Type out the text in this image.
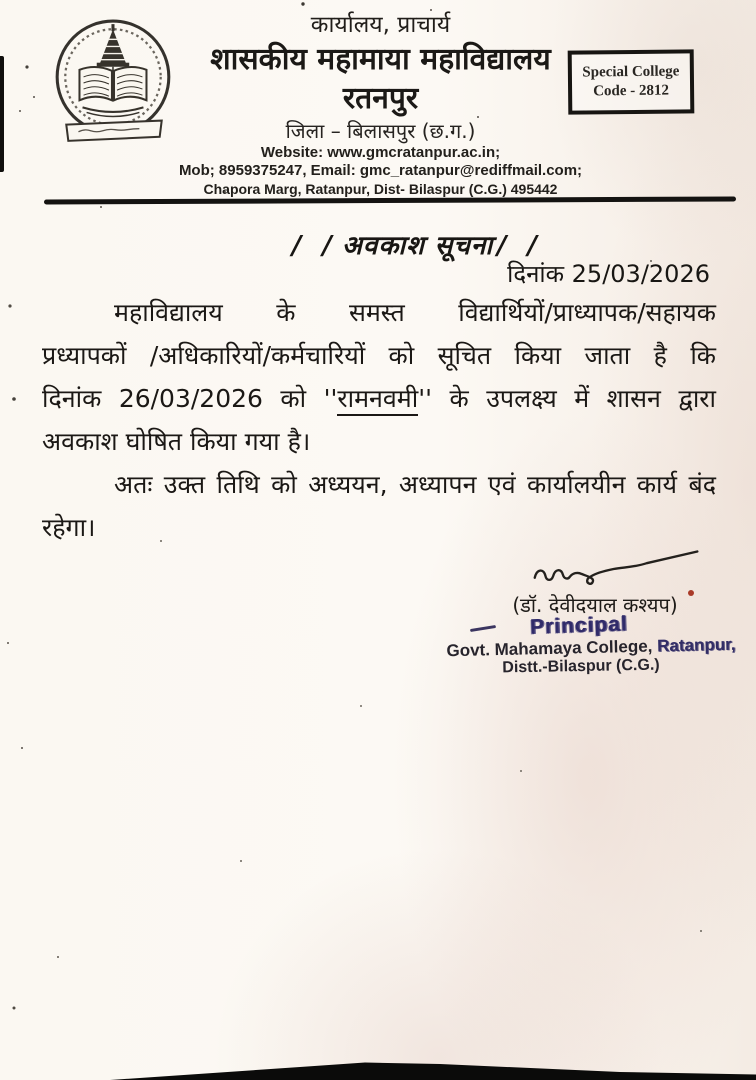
कार्यालय, प्राचार्य
शासकीय महामाया महाविद्यालय
रतनपुर
जिला – बिलासपुर (छ.ग.)
Website: www.gmcratanpur.ac.in;
Mob; 8959375247, Email: gmc_ratanpur@rediffmail.com;
Chapora Marg, Ratanpur, Dist- Bilaspur (C.G.) 495442
Special College
Code - 2812
/ / अवकाश सूचना / /
दिनांक 25/03/2026
महाविद्यालय के समस्त विद्यार्थियों/प्राध्यापक/सहायक
प्रध्यापकों /अधिकारियों/कर्मचारियों को सूचित किया जाता है कि
दिनांक 26/03/2026 को ''रामनवमी'' के उपलक्ष्य में शासन द्वारा
अवकाश घोषित किया गया है।
अतः उक्त तिथि को अध्ययन, अध्यापन एवं कार्यालयीन कार्य बंद
रहेगा।
(डॉ. देवीदयाल कश्यप)
Principal
Govt. Mahamaya College, Ratanpur,
Distt.-Bilaspur (C.G.)
